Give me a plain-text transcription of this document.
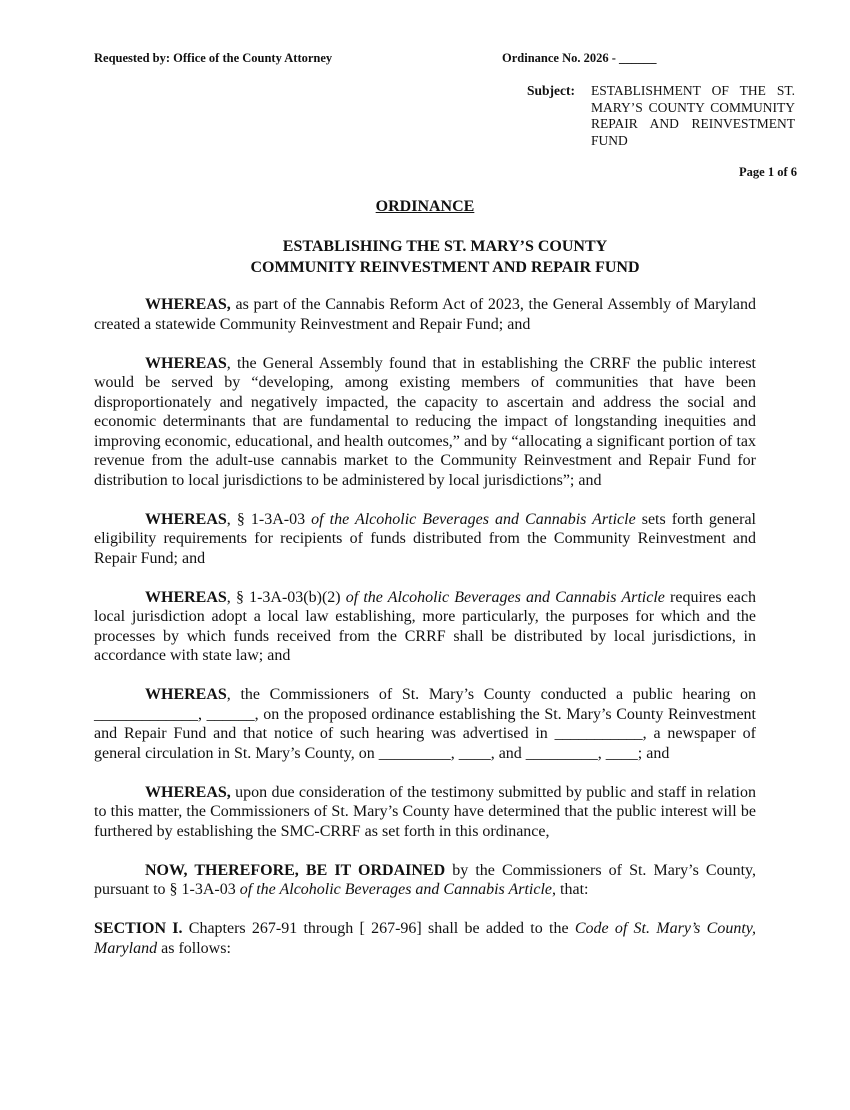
Requested by: Office of the County Attorney	Ordinance No. 2026 - ______
Subject: ESTABLISHMENT OF THE ST. MARY’S COUNTY COMMUNITY REPAIR AND REINVESTMENT FUND
Page 1 of 6
ORDINANCE
ESTABLISHING THE ST. MARY’S COUNTY
COMMUNITY REINVESTMENT AND REPAIR FUND

WHEREAS, as part of the Cannabis Reform Act of 2023, the General Assembly of Maryland created a statewide Community Reinvestment and Repair Fund; and

WHEREAS, the General Assembly found that in establishing the CRRF the public interest would be served by “developing, among existing members of communities that have been disproportionately and negatively impacted, the capacity to ascertain and address the social and economic determinants that are fundamental to reducing the impact of longstanding inequities and improving economic, educational, and health outcomes,” and by “allocating a significant portion of tax revenue from the adult-use cannabis market to the Community Reinvestment and Repair Fund for distribution to local jurisdictions to be administered by local jurisdictions”; and

WHEREAS, § 1-3A-03 of the Alcoholic Beverages and Cannabis Article sets forth general eligibility requirements for recipients of funds distributed from the Community Reinvestment and Repair Fund; and

WHEREAS, § 1-3A-03(b)(2) of the Alcoholic Beverages and Cannabis Article requires each local jurisdiction adopt a local law establishing, more particularly, the purposes for which and the processes by which funds received from the CRRF shall be distributed by local jurisdictions, in accordance with state law; and

WHEREAS, the Commissioners of St. Mary’s County conducted a public hearing on _____________, ______, on the proposed ordinance establishing the St. Mary’s County Reinvestment and Repair Fund and that notice of such hearing was advertised in ___________, a newspaper of general circulation in St. Mary’s County, on _________, ____, and _________, ____; and

WHEREAS, upon due consideration of the testimony submitted by public and staff in relation to this matter, the Commissioners of St. Mary’s County have determined that the public interest will be furthered by establishing the SMC-CRRF as set forth in this ordinance,

NOW, THEREFORE, BE IT ORDAINED by the Commissioners of St. Mary’s County, pursuant to § 1-3A-03 of the Alcoholic Beverages and Cannabis Article, that:

SECTION I. Chapters 267-91 through [ 267-96] shall be added to the Code of St. Mary’s County, Maryland as follows:
